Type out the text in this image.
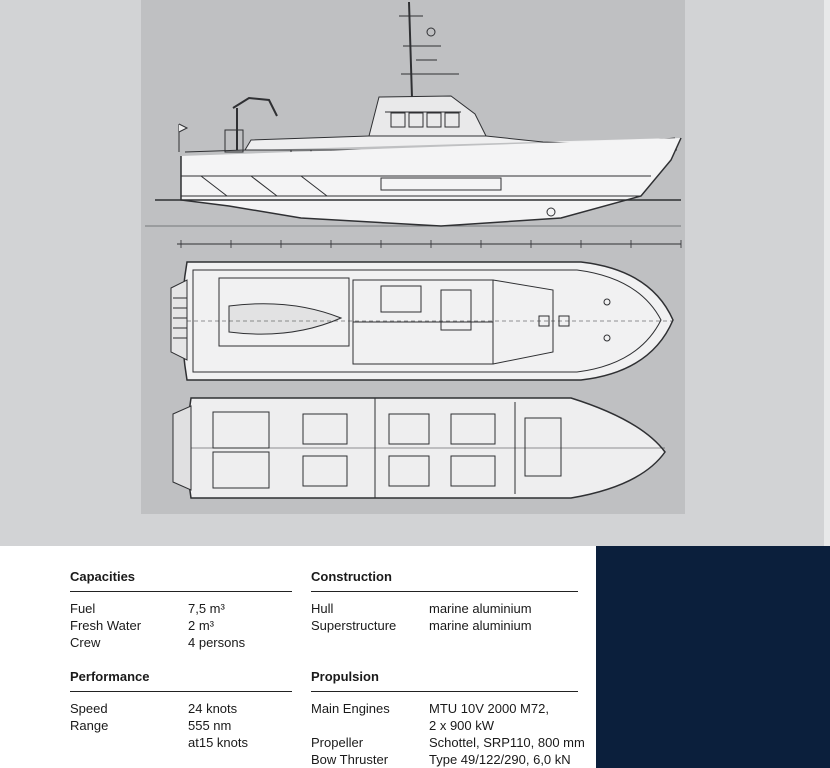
Capacities
Fuel	7,5 m³
Fresh Water	2 m³
Crew	4 persons
Performance
Speed	24 knots
Range	555 nm
at15 knots
Construction
Hull	marine aluminium
Superstructure	marine aluminium
Propulsion
Main Engines	MTU 10V 2000 M72,
2 x 900 kW
Propeller	Schottel, SRP110, 800 mm
Bow Thruster	Type 49/122/290, 6,0 kN
